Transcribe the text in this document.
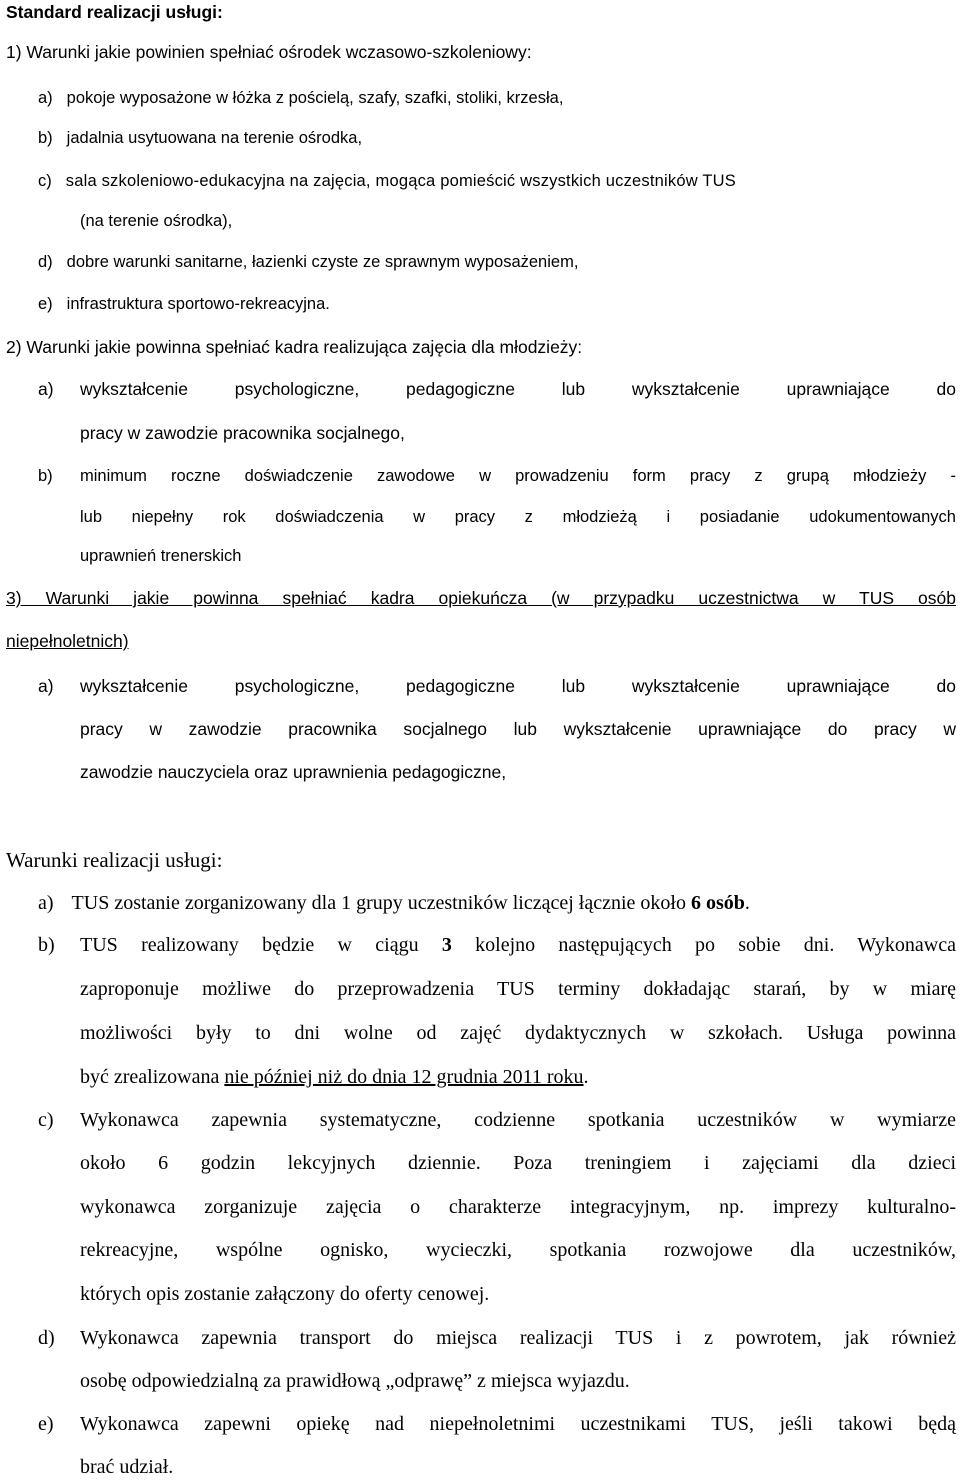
Standard realizacji usługi:
1) Warunki jakie powinien spełniać ośrodek wczasowo-szkoleniowy:
a) pokoje wyposażone w łóżka z pościelą, szafy, szafki, stoliki, krzesła,
b) jadalnia usytuowana na terenie ośrodka,
c) sala szkoleniowo-edukacyjna na zajęcia, mogąca pomieścić wszystkich uczestników TUS
(na terenie ośrodka),
d) dobre warunki sanitarne, łazienki czyste ze sprawnym wyposażeniem,
e) infrastruktura sportowo-rekreacyjna.
2) Warunki jakie powinna spełniać kadra realizująca zajęcia dla młodzieży:
a) wykształcenie psychologiczne, pedagogiczne lub wykształcenie uprawniające do
pracy w zawodzie pracownika socjalnego,
b) minimum roczne doświadczenie zawodowe w prowadzeniu form pracy z grupą młodzieży -
lub niepełny rok doświadczenia w pracy z młodzieżą i posiadanie udokumentowanych
uprawnień trenerskich
3) Warunki jakie powinna spełniać kadra opiekuńcza (w przypadku uczestnictwa w TUS osób
niepełnoletnich)
a) wykształcenie psychologiczne, pedagogiczne lub wykształcenie uprawniające do
pracy w zawodzie pracownika socjalnego lub wykształcenie uprawniające do pracy w
zawodzie nauczyciela oraz uprawnienia pedagogiczne,
Warunki realizacji usługi:
a) TUS zostanie zorganizowany dla 1 grupy uczestników liczącej łącznie około 6 osób.
b) TUS realizowany będzie w ciągu 3 kolejno następujących po sobie dni. Wykonawca
zaproponuje możliwe do przeprowadzenia TUS terminy dokładając starań, by w miarę
możliwości były to dni wolne od zajęć dydaktycznych w szkołach. Usługa powinna
być zrealizowana nie później niż do dnia 12 grudnia 2011 roku.
c) Wykonawca zapewnia systematyczne, codzienne spotkania uczestników w wymiarze
około 6 godzin lekcyjnych dziennie. Poza treningiem i zajęciami dla dzieci
wykonawca zorganizuje zajęcia o charakterze integracyjnym, np. imprezy kulturalno-
rekreacyjne, wspólne ognisko, wycieczki, spotkania rozwojowe dla uczestników,
których opis zostanie załączony do oferty cenowej.
d) Wykonawca zapewnia transport do miejsca realizacji TUS i z powrotem, jak również
osobę odpowiedzialną za prawidłową „odprawę” z miejsca wyjazdu.
e) Wykonawca zapewni opiekę nad niepełnoletnimi uczestnikami TUS, jeśli takowi będą
brać udział.
